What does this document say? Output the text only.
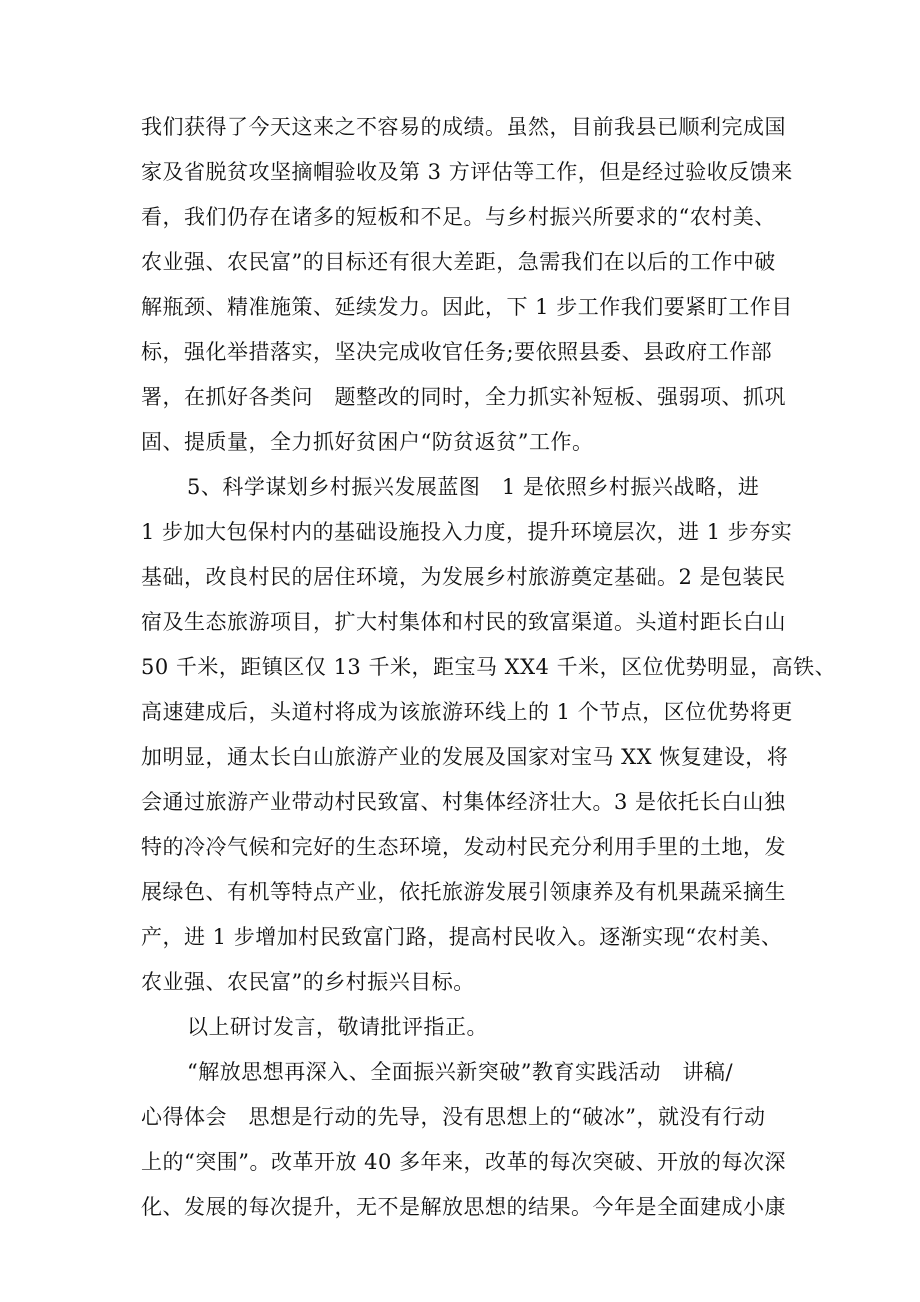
我们获得了今天这来之不容易的成绩。虽然，目前我县已顺利完成国
家及省脱贫攻坚摘帽验收及第 3 方评估等工作，但是经过验收反馈来
看，我们仍存在诸多的短板和不足。与乡村振兴所要求的“农村美、
农业强、农民富”的目标还有很大差距，急需我们在以后的工作中破
解瓶颈、精准施策、延续发力。因此，下 1 步工作我们要紧盯工作目
标，强化举措落实，坚决完成收官任务;要依照县委、县政府工作部
署，在抓好各类问　题整改的同时，全力抓实补短板、强弱项、抓巩
固、提质量，全力抓好贫困户“防贫返贫”工作。
5、科学谋划乡村振兴发展蓝图　1 是依照乡村振兴战略，进
1 步加大包保村内的基础设施投入力度，提升环境层次，进 1 步夯实
基础，改良村民的居住环境，为发展乡村旅游奠定基础。2 是包装民
宿及生态旅游项目，扩大村集体和村民的致富渠道。头道村距长白山
50 千米，距镇区仅 13 千米，距宝马 XX4 千米，区位优势明显，高铁、
高速建成后，头道村将成为该旅游环线上的 1 个节点，区位优势将更
加明显，通太长白山旅游产业的发展及国家对宝马 XX 恢复建设，将
会通过旅游产业带动村民致富、村集体经济壮大。3 是依托长白山独
特的冷冷气候和完好的生态环境，发动村民充分利用手里的土地，发
展绿色、有机等特点产业，依托旅游发展引领康养及有机果蔬采摘生
产，进 1 步增加村民致富门路，提高村民收入。逐渐实现“农村美、
农业强、农民富”的乡村振兴目标。
以上研讨发言，敬请批评指正。
“解放思想再深入、全面振兴新突破”教育实践活动　讲稿/
心得体会　思想是行动的先导，没有思想上的“破冰”，就没有行动
上的“突围”。改革开放 40 多年来，改革的每次突破、开放的每次深
化、发展的每次提升，无不是解放思想的结果。今年是全面建成小康
